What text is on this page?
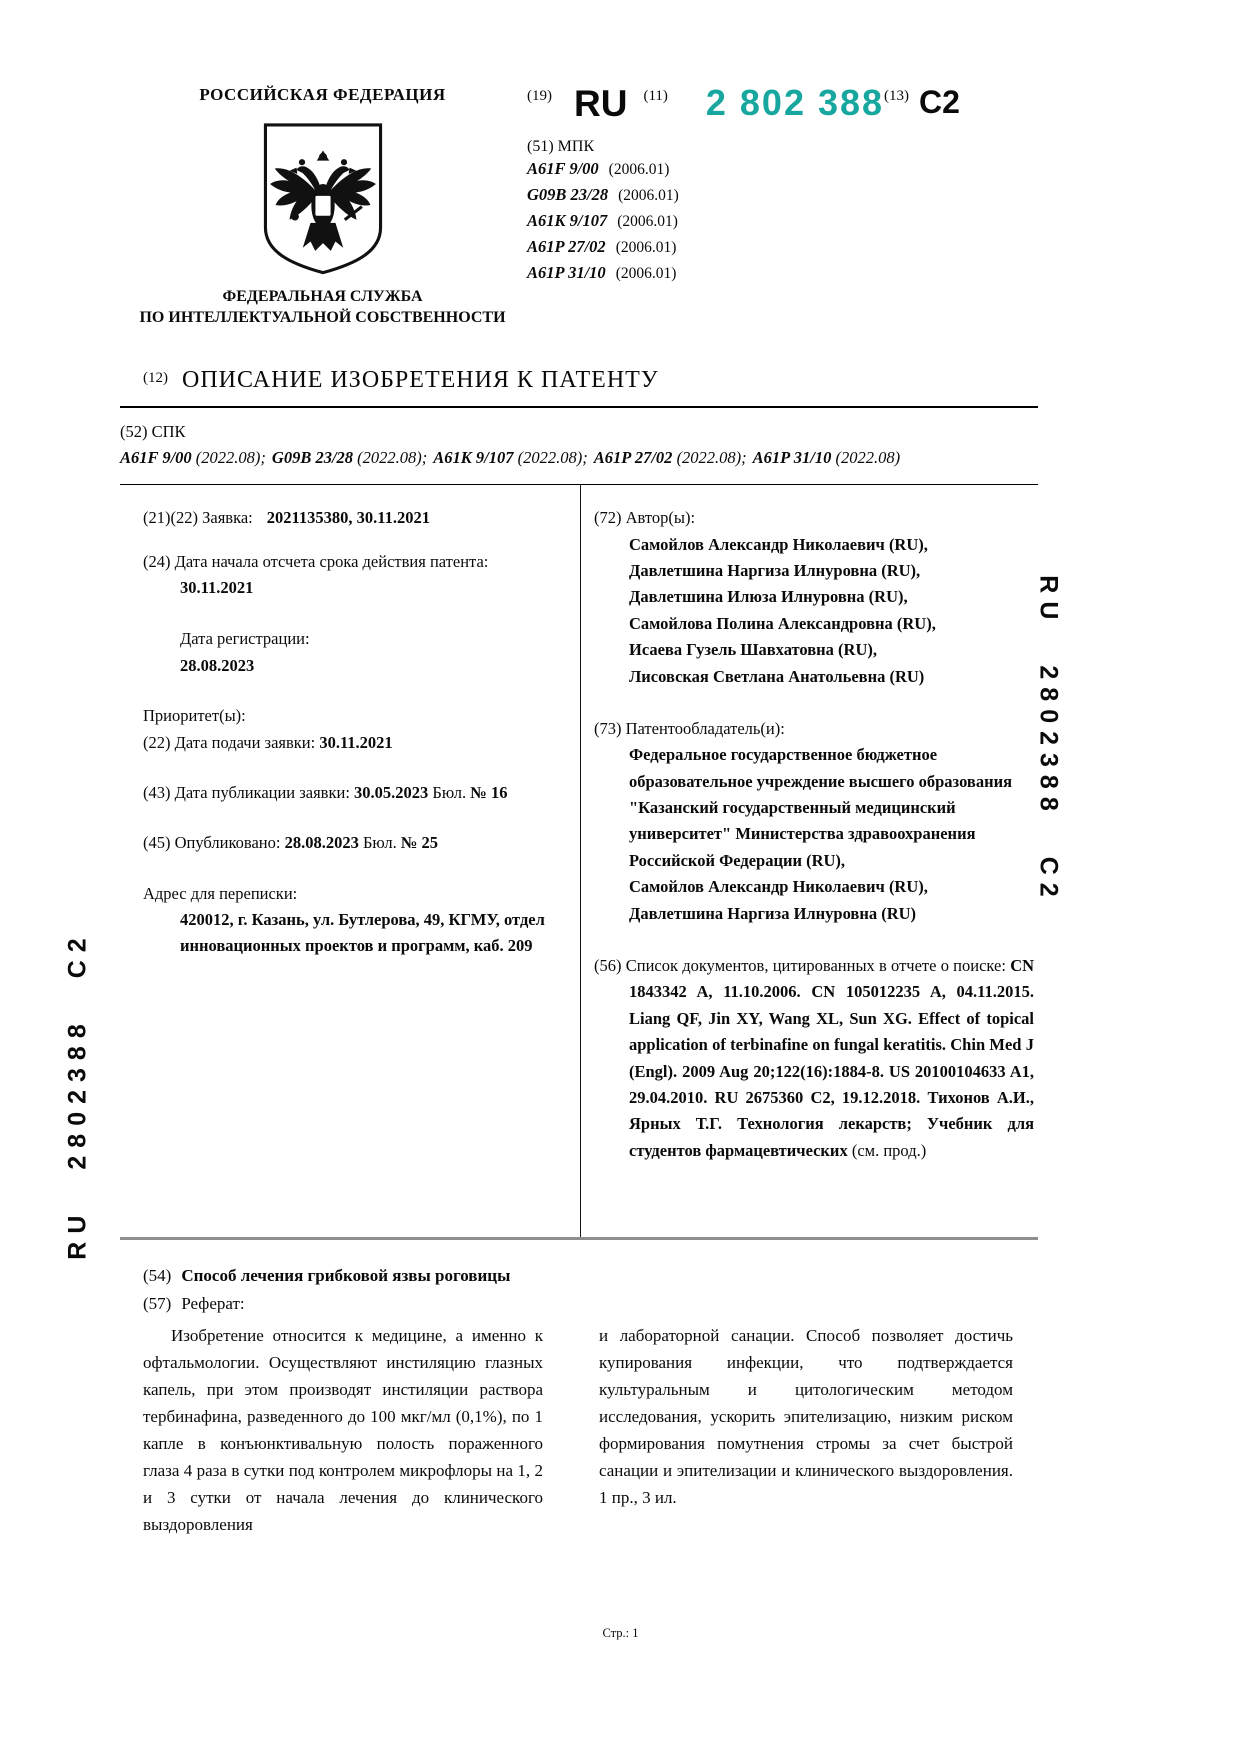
RU2802388C2
RU2802388C2
РОССИЙСКАЯ ФЕДЕРАЦИЯ
ФЕДЕРАЛЬНАЯ СЛУЖБА
ПО ИНТЕЛЛЕКТУАЛЬНОЙ СОБСТВЕННОСТИ
(19) RU (11) 2 802 388 (13) C2
(51) МПК
A61F 9/00 (2006.01)
G09B 23/28 (2006.01)
A61K 9/107 (2006.01)
A61P 27/02 (2006.01)
A61P 31/10 (2006.01)
(12) ОПИСАНИЕ ИЗОБРЕТЕНИЯ К ПАТЕНТУ
(52) СПК
A61F 9/00 (2022.08); G09B 23/28 (2022.08); A61K 9/107 (2022.08); A61P 27/02 (2022.08); A61P 31/10 (2022.08)
(21)(22) Заявка: 2021135380, 30.11.2021
(24) Дата начала отсчета срока действия патента:
30.11.2021
Дата регистрации:
28.08.2023
Приоритет(ы):
(22) Дата подачи заявки: 30.11.2021
(43) Дата публикации заявки: 30.05.2023 Бюл. № 16
(45) Опубликовано: 28.08.2023 Бюл. № 25
Адрес для переписки:
420012, г. Казань, ул. Бутлерова, 49, КГМУ, отдел инновационных проектов и программ, каб. 209
(72) Автор(ы):
Самойлов Александр Николаевич (RU),
Давлетшина Наргиза Илнуровна (RU),
Давлетшина Илюза Илнуровна (RU),
Самойлова Полина Александровна (RU),
Исаева Гузель Шавхатовна (RU),
Лисовская Светлана Анатольевна (RU)
(73) Патентообладатель(и):
Федеральное государственное бюджетное образовательное учреждение высшего образования "Казанский государственный медицинский университет" Министерства здравоохранения Российской Федерации (RU),
Самойлов Александр Николаевич (RU),
Давлетшина Наргиза Илнуровна (RU)
(56) Список документов, цитированных в отчете о поиске: CN 1843342 A, 11.10.2006. CN 105012235 A, 04.11.2015. Liang QF, Jin XY, Wang XL, Sun XG. Effect of topical application of terbinafine on fungal keratitis. Chin Med J (Engl). 2009 Aug 20;122(16):1884-8. US 20100104633 A1, 29.04.2010. RU 2675360 C2, 19.12.2018. Тихонов А.И., Ярных Т.Г. Технология лекарств; Учебник для студентов фармацевтических (см. прод.)
(54) Способ лечения грибковой язвы роговицы
(57) Реферат:

Изобретение относится к медицине, а именно к офтальмологии. Осуществляют инстиляцию глазных капель, при этом производят инстиляции раствора тербинафина, разведенного до 100 мкг/мл (0,1%), по 1 капле в конъюнктивальную полость пораженного глаза 4 раза в сутки под контролем микрофлоры на 1, 2 и 3 сутки от начала лечения до клинического выздоровления

и лабораторной санации. Способ позволяет достичь купирования инфекции, что подтверждается культуральным и цитологическим методом исследования, ускорить эпителизацию, низким риском формирования помутнения стромы за счет быстрой санации и эпителизации и клинического выздоровления. 1 пр., 3 ил.

Стр.: 1
